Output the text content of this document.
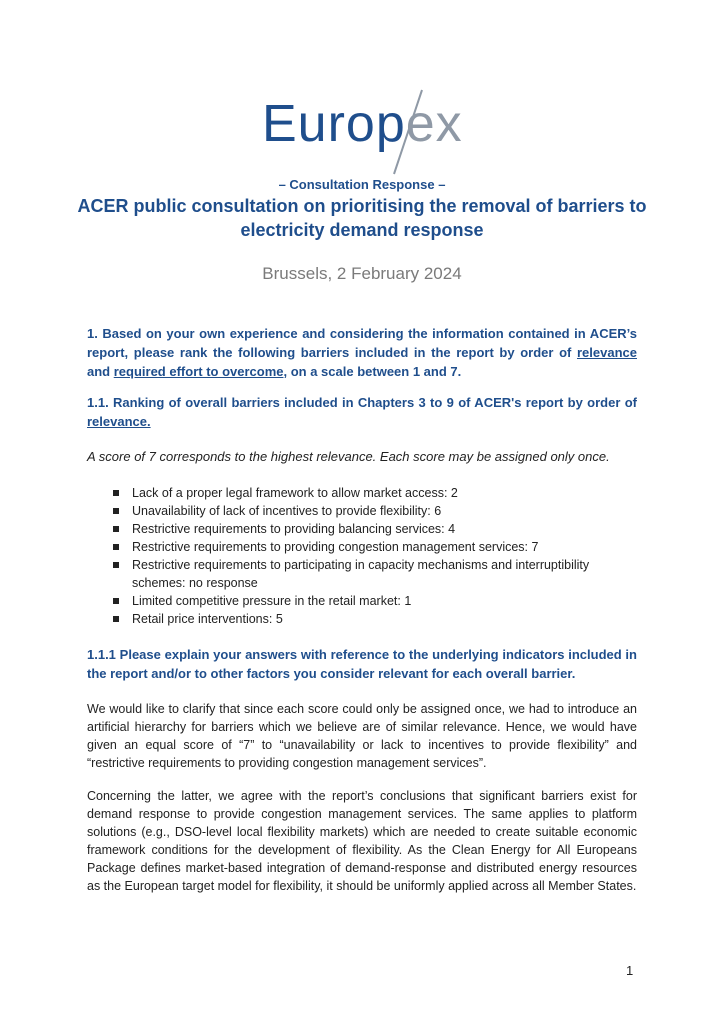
Europex
– Consultation Response –
ACER public consultation on prioritising the removal of barriers to
electricity demand response
Brussels, 2 February 2024
1. Based on your own experience and considering the information contained in ACER’s report, please rank the following barriers included in the report by order of relevance and required effort to overcome, on a scale between 1 and 7.
1.1. Ranking of overall barriers included in Chapters 3 to 9 of ACER's report by order of relevance.
A score of 7 corresponds to the highest relevance. Each score may be assigned only once.
Lack of a proper legal framework to allow market access: 2
Unavailability of lack of incentives to provide flexibility: 6
Restrictive requirements to providing balancing services: 4
Restrictive requirements to providing congestion management services: 7
Restrictive requirements to participating in capacity mechanisms and interruptibility schemes: no response
Limited competitive pressure in the retail market: 1
Retail price interventions: 5
1.1.1 Please explain your answers with reference to the underlying indicators included in the report and/or to other factors you consider relevant for each overall barrier.
We would like to clarify that since each score could only be assigned once, we had to introduce an artificial hierarchy for barriers which we believe are of similar relevance. Hence, we would have given an equal score of “7” to “unavailability or lack to incentives to provide flexibility” and “restrictive requirements to providing congestion management services”.
Concerning the latter, we agree with the report’s conclusions that significant barriers exist for demand response to provide congestion management services. The same applies to platform solutions (e.g., DSO-level local flexibility markets) which are needed to create suitable economic framework conditions for the development of flexibility. As the Clean Energy for All Europeans Package defines market-based integration of demand-response and distributed energy resources as the European target model for flexibility, it should be uniformly applied across all Member States.
1
